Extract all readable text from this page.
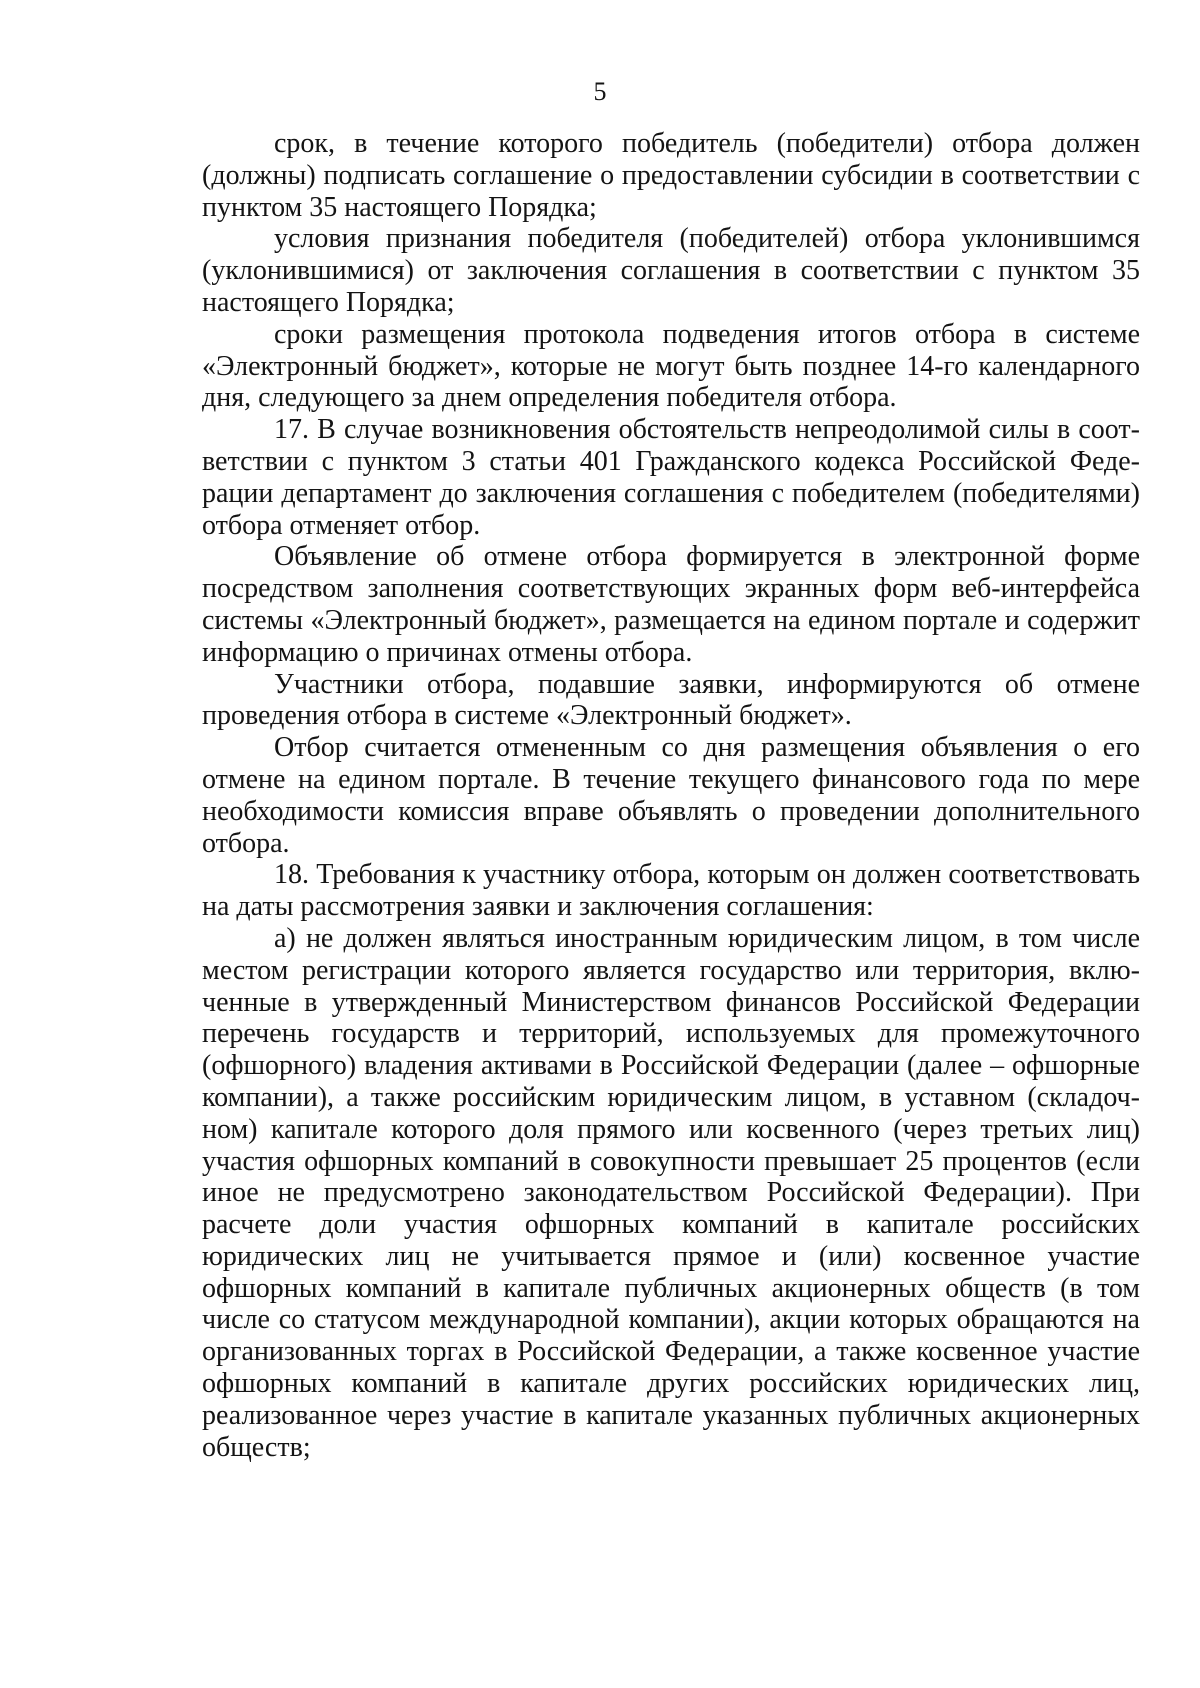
5

срок, в течение которого победитель (победители) отбора должен (должны) подписать соглашение о предоставлении субсидии в соответствии с пунктом 35 настоящего Порядка;

условия признания победителя (победителей) отбора уклонившимся (уклонившимися) от заключения соглашения в соответствии с пунктом 35 настоящего Порядка;

сроки размещения протокола подведения итогов отбора в системе «Электронный бюджет», которые не могут быть позднее 14-го календарного дня, следующего за днем определения победителя отбора.

17. В случае возникновения обстоятельств непреодолимой силы в соответствии с пунктом 3 статьи 401 Гражданского кодекса Российской Федерации департамент до заключения соглашения с победителем (победителями) отбора отменяет отбор.

Объявление об отмене отбора формируется в электронной форме посредством заполнения соответствующих экранных форм веб-интерфейса системы «Электронный бюджет», размещается на едином портале и содержит информацию о причинах отмены отбора.

Участники отбора, подавшие заявки, информируются об отмене проведения отбора в системе «Электронный бюджет».

Отбор считается отмененным со дня размещения объявления о его отмене на едином портале. В течение текущего финансового года по мере необходимости комиссия вправе объявлять о проведении дополнительного отбора.

18. Требования к участнику отбора, которым он должен соответствовать на даты рассмотрения заявки и заключения соглашения:

а) не должен являться иностранным юридическим лицом, в том числе местом регистрации которого является государство или территория, включенные в утвержденный Министерством финансов Российской Федерации перечень государств и территорий, используемых для промежуточного (офшорного) владения активами в Российской Федерации (далее – офшорные компании), а также российским юридическим лицом, в уставном (складочном) капитале которого доля прямого или косвенного (через третьих лиц) участия офшорных компаний в совокупности превышает 25 процентов (если иное не предусмотрено законодательством Российской Федерации). При расчете доли участия офшорных компаний в капитале российских юридических лиц не учитывается прямое и (или) косвенное участие офшорных компаний в капитале публичных акционерных обществ (в том числе со статусом международной компании), акции которых обращаются на организованных торгах в Российской Федерации, а также косвенное участие офшорных компаний в капитале других российских юридических лиц, реализованное через участие в капитале указанных публичных акционерных обществ;
